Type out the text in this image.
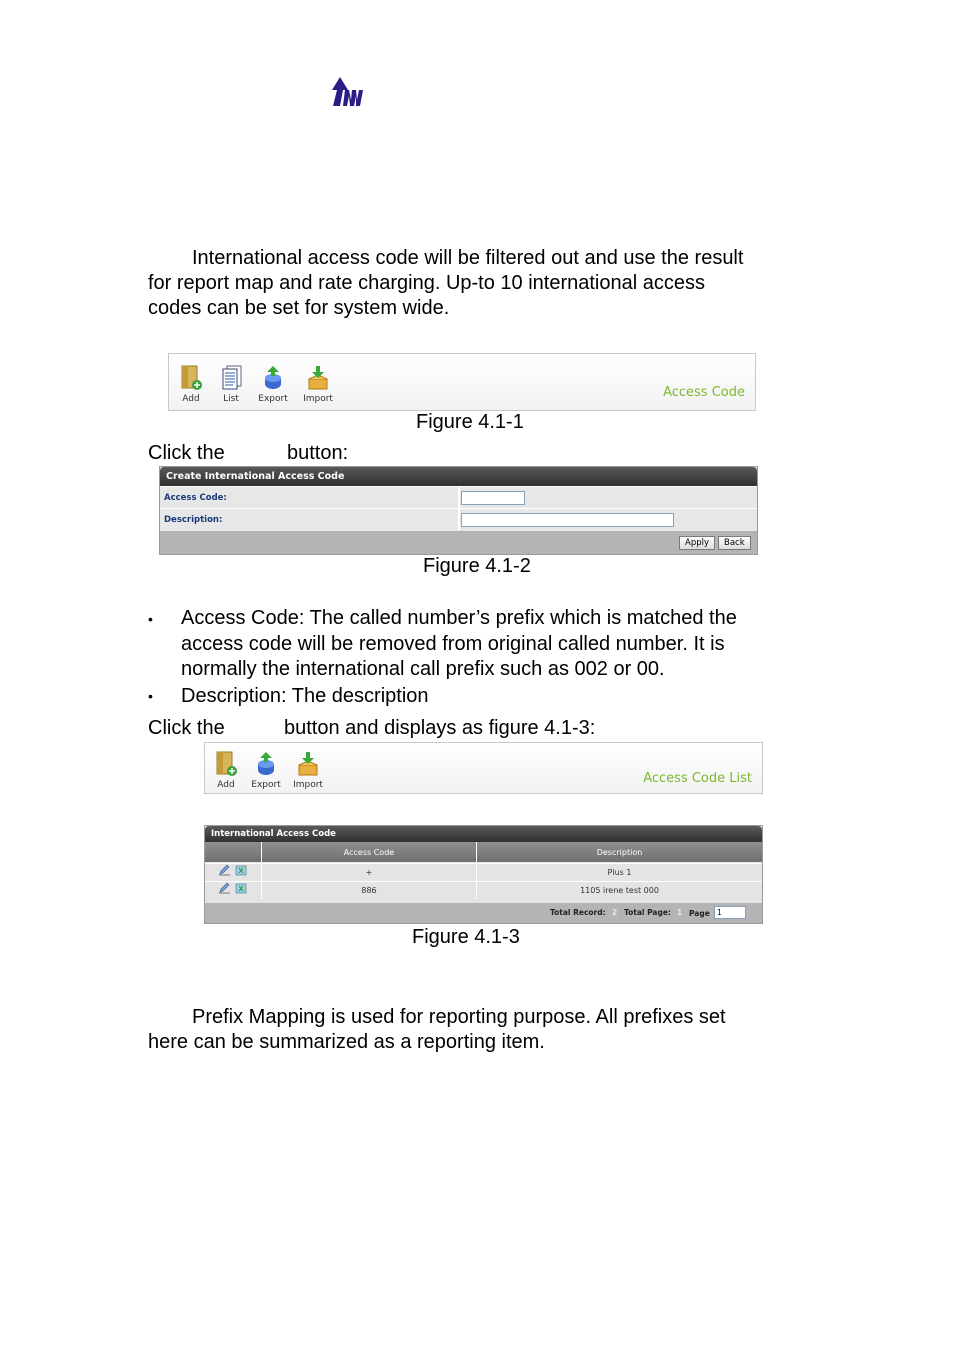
International access code will be filtered out and use the result
for report map and rate charging. Up-to 10 international access
codes can be set for system wide.
Add	List	Export Import	Access Code
Figure 4.1-1
Click the	button:
Create International Access Code
Access Code:
Description:
Apply	Back
Figure 4.1-2
• Access Code: The called number’s prefix which is matched the
access code will be removed from original called number. It is
normally the international call prefix such as 002 or 00.
• Description: The description
Click the	button and displays as figure 4.1-3:
Add	Export Import	Access Code List
International Access Code
Access Code	Description

+	Plus 1

886	1105 irene test 000
Total Record: 2 Total Page: 1 Page
1
Figure 4.1-3
Prefix Mapping is used for reporting purpose. All prefixes set
here can be summarized as a reporting item.
